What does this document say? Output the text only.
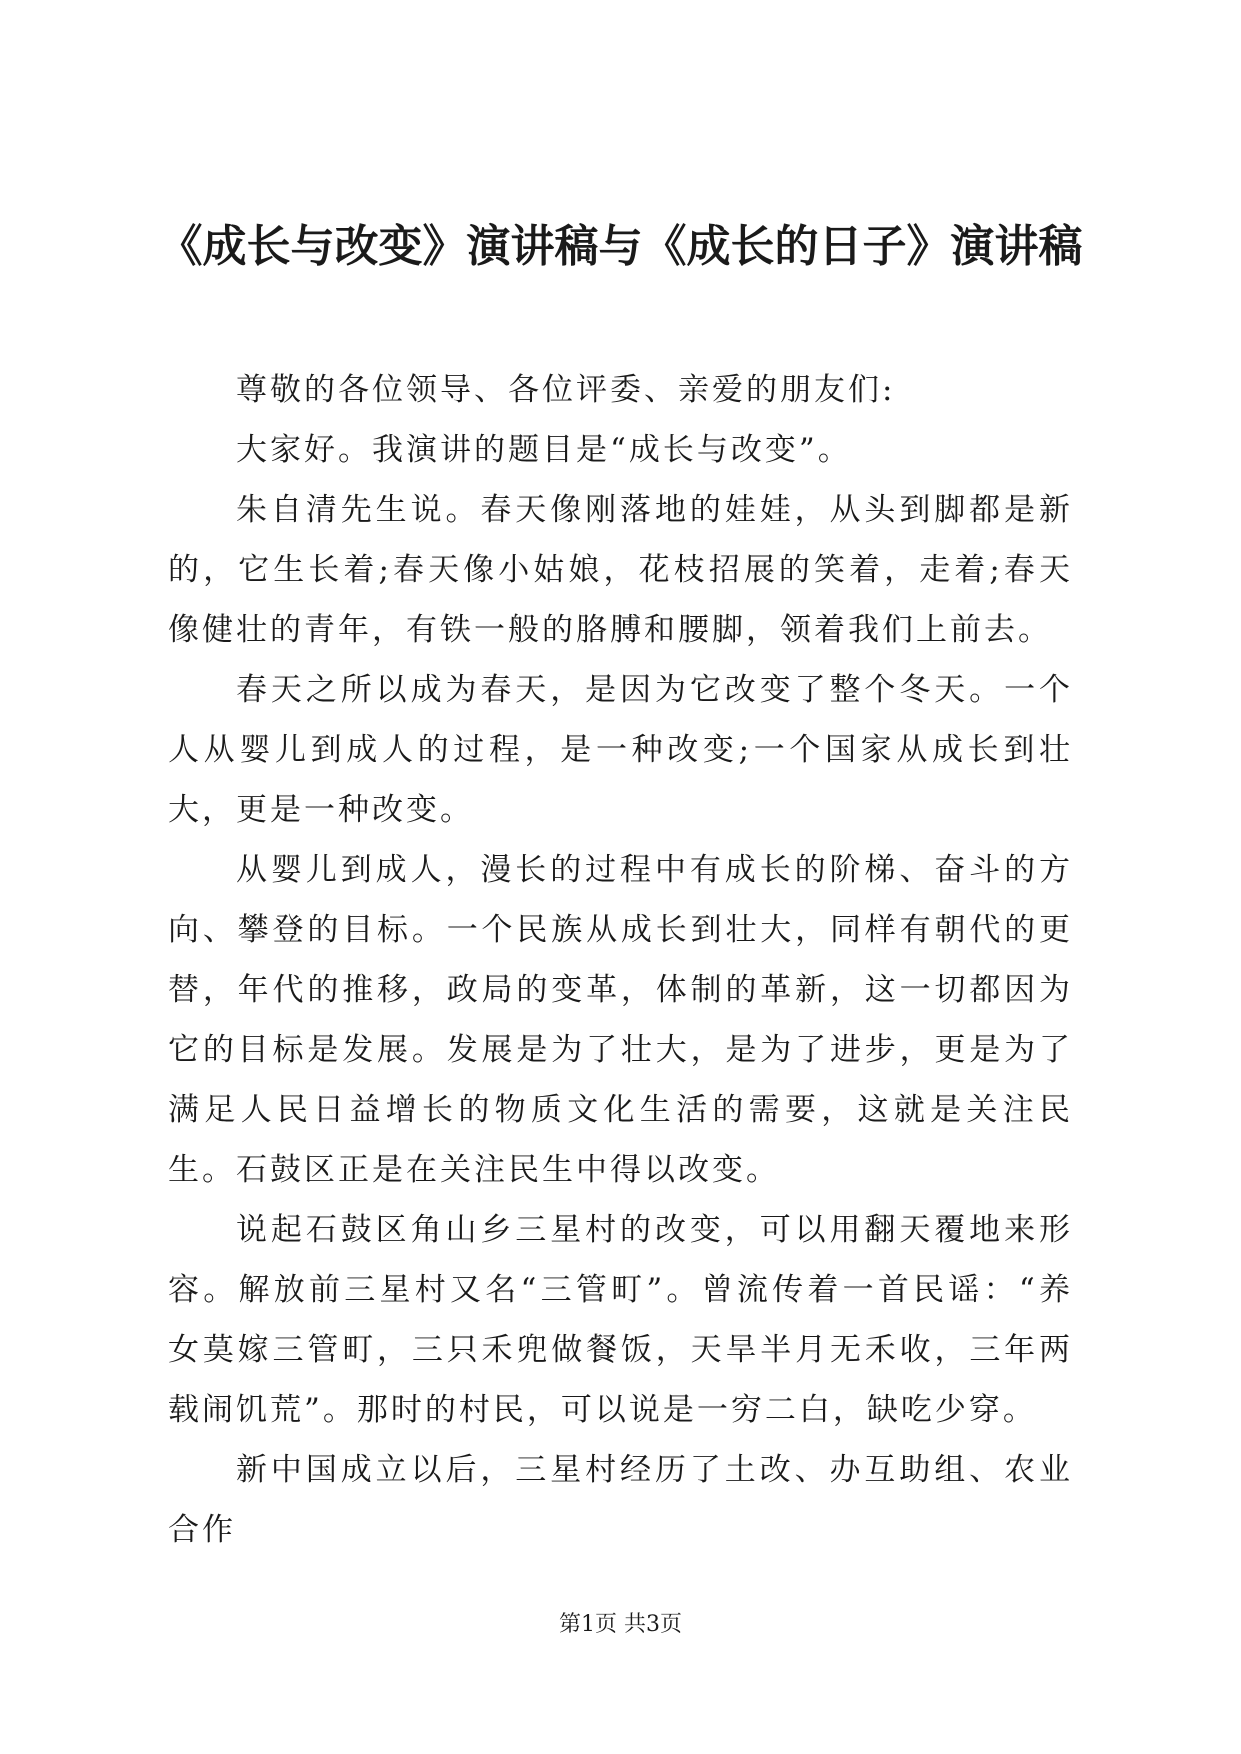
《成长与改变》演讲稿与《成长的日子》演讲稿

尊敬的各位领导、各位评委、亲爱的朋友们:

大家好。我演讲的题目是“成长与改变”。

朱自清先生说。春天像刚落地的娃娃，从头到脚都是新的，它生长着;春天像小姑娘，花枝招展的笑着，走着;春天像健壮的青年，有铁一般的胳膊和腰脚，领着我们上前去。

春天之所以成为春天，是因为它改变了整个冬天。一个人从婴儿到成人的过程，是一种改变;一个国家从成长到壮大，更是一种改变。

从婴儿到成人，漫长的过程中有成长的阶梯、奋斗的方向、攀登的目标。一个民族从成长到壮大，同样有朝代的更替，年代的推移，政局的变革，体制的革新，这一切都因为它的目标是发展。发展是为了壮大，是为了进步，更是为了满足人民日益增长的物质文化生活的需要，这就是关注民生。石鼓区正是在关注民生中得以改变。

说起石鼓区角山乡三星村的改变，可以用翻天覆地来形容。解放前三星村又名“三管町”。曾流传着一首民谣：“养女莫嫁三管町，三只禾兜做餐饭，天旱半月无禾收，三年两载闹饥荒”。那时的村民，可以说是一穷二白，缺吃少穿。

新中国成立以后，三星村经历了土改、办互助组、农业合作

第1页 共3页
